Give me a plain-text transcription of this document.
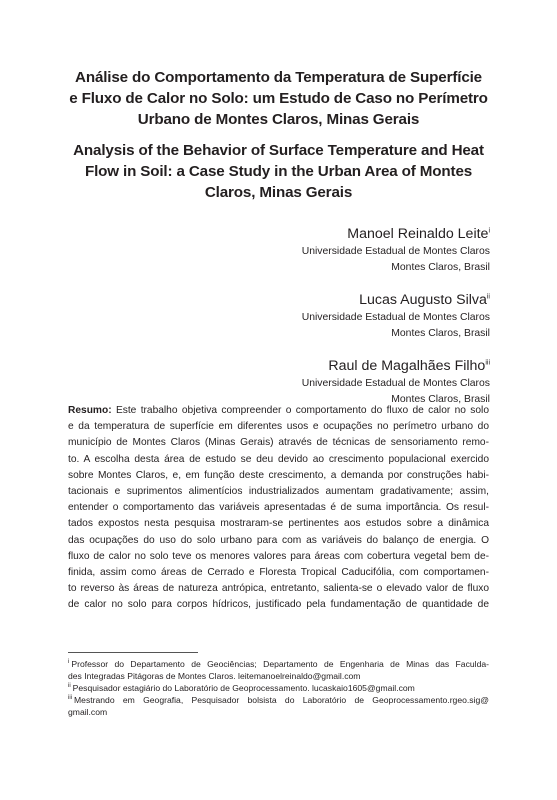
Análise do Comportamento da Temperatura de Superfície
e Fluxo de Calor no Solo: um Estudo de Caso no Perímetro
Urbano de Montes Claros, Minas Gerais
Analysis of the Behavior of Surface Temperature and Heat
Flow in Soil: a Case Study in the Urban Area of Montes
Claros, Minas Gerais
Manoel Reinaldo Leite$^i$
Universidade Estadual de Montes Claros
Montes Claros, Brasil
Lucas Augusto Silva$^{ii}$
Universidade Estadual de Montes Claros
Montes Claros, Brasil
Raul de Magalhães Filho$^{iii}$
Universidade Estadual de Montes Claros
Montes Claros, Brasil
Resumo: Este trabalho objetiva compreender o comportamento do fluxo de calor no solo
e da temperatura de superfície em diferentes usos e ocupações no perímetro urbano do
município de Montes Claros (Minas Gerais) através de técnicas de sensoriamento remo-
to. A escolha desta área de estudo se deu devido ao crescimento populacional exercido
sobre Montes Claros, e, em função deste crescimento, a demanda por construções habi-
tacionais e suprimentos alimentícios industrializados aumentam gradativamente; assim,
entender o comportamento das variáveis apresentadas é de suma importância. Os resul-
tados expostos nesta pesquisa mostraram-se pertinentes aos estudos sobre a dinâmica
das ocupações do uso do solo urbano para com as variáveis do balanço de energia. O
fluxo de calor no solo teve os menores valores para áreas com cobertura vegetal bem de-
finida, assim como áreas de Cerrado e Floresta Tropical Caducifólia, com comportamen-
to reverso às áreas de natureza antrópica, entretanto, salienta-se o elevado valor de fluxo
de calor no solo para corpos hídricos, justificado pela fundamentação de quantidade de
$^i$ Professor do Departamento de Geociências; Departamento de Engenharia de Minas das Faculda-
des Integradas Pitágoras de Montes Claros. leitemanoelreinaldo@gmail.com
$^{ii}$ Pesquisador estagiário do Laboratório de Geoprocessamento. lucaskaio1605@gmail.com
$^{iii}$ Mestrando em Geografia, Pesquisador bolsista do Laboratório de Geoprocessamento.rgeo.sig@
gmail.com
